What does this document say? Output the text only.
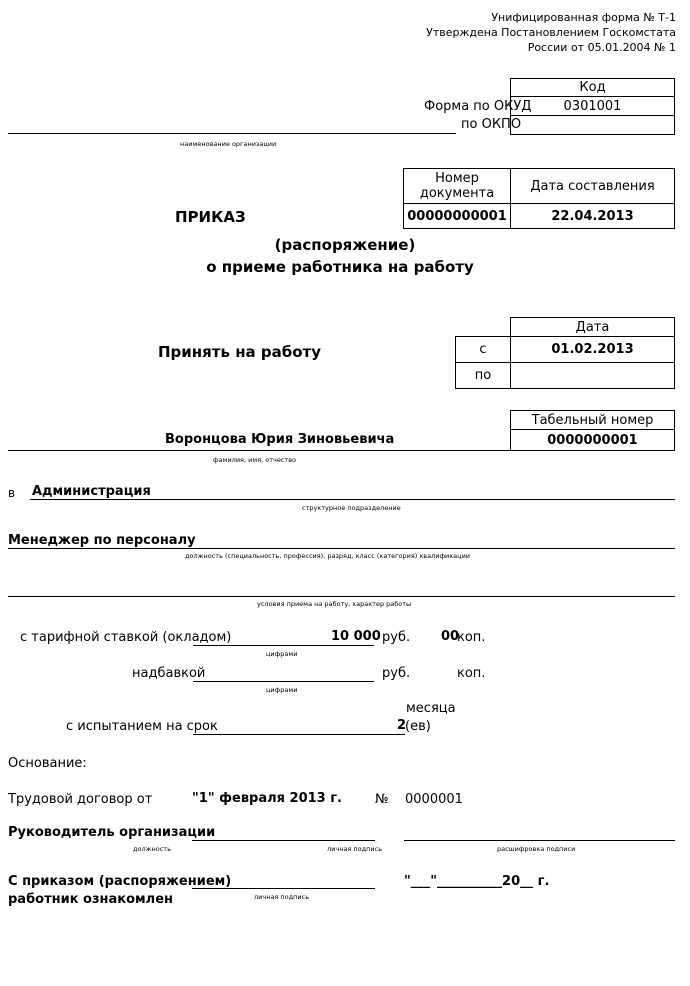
Унифицированная форма № Т-1
Утверждена Постановлением Госкомстата
России от 05.01.2004 № 1
Код
Форма по ОКУД	0301001
по ОКПО
наименование организации
Номер документа	Дата составления
00000000001	22.04.2013
ПРИКАЗ
(распоряжение)
о приеме работника на работу
Дата
Принять на работу	с	01.02.2013
по
Табельный номер
0000000001
Воронцова Юрия Зиновьевича
фамилия, имя, отчество
в Администрация
структурное подразделение
Менеджер по персоналу
должность (специальность, профессия), разряд, класс (категория) квалификации
условия приема на работу, характер работы
с тарифной ставкой (окладом)	10 000 руб. 00
коп.
цифрами
надбавкой	руб.	коп.
цифрами
месяца
с испытанием на срок	2
(ев)
Основание:
Трудовой договор от	"1" февраля 2013 г.	№ 0000001
Руководитель организации
должность	личная подпись	расшифровка подписи
С приказом (распоряжением)
работник ознакомлен	личная подпись
"___"__________20__ г.
